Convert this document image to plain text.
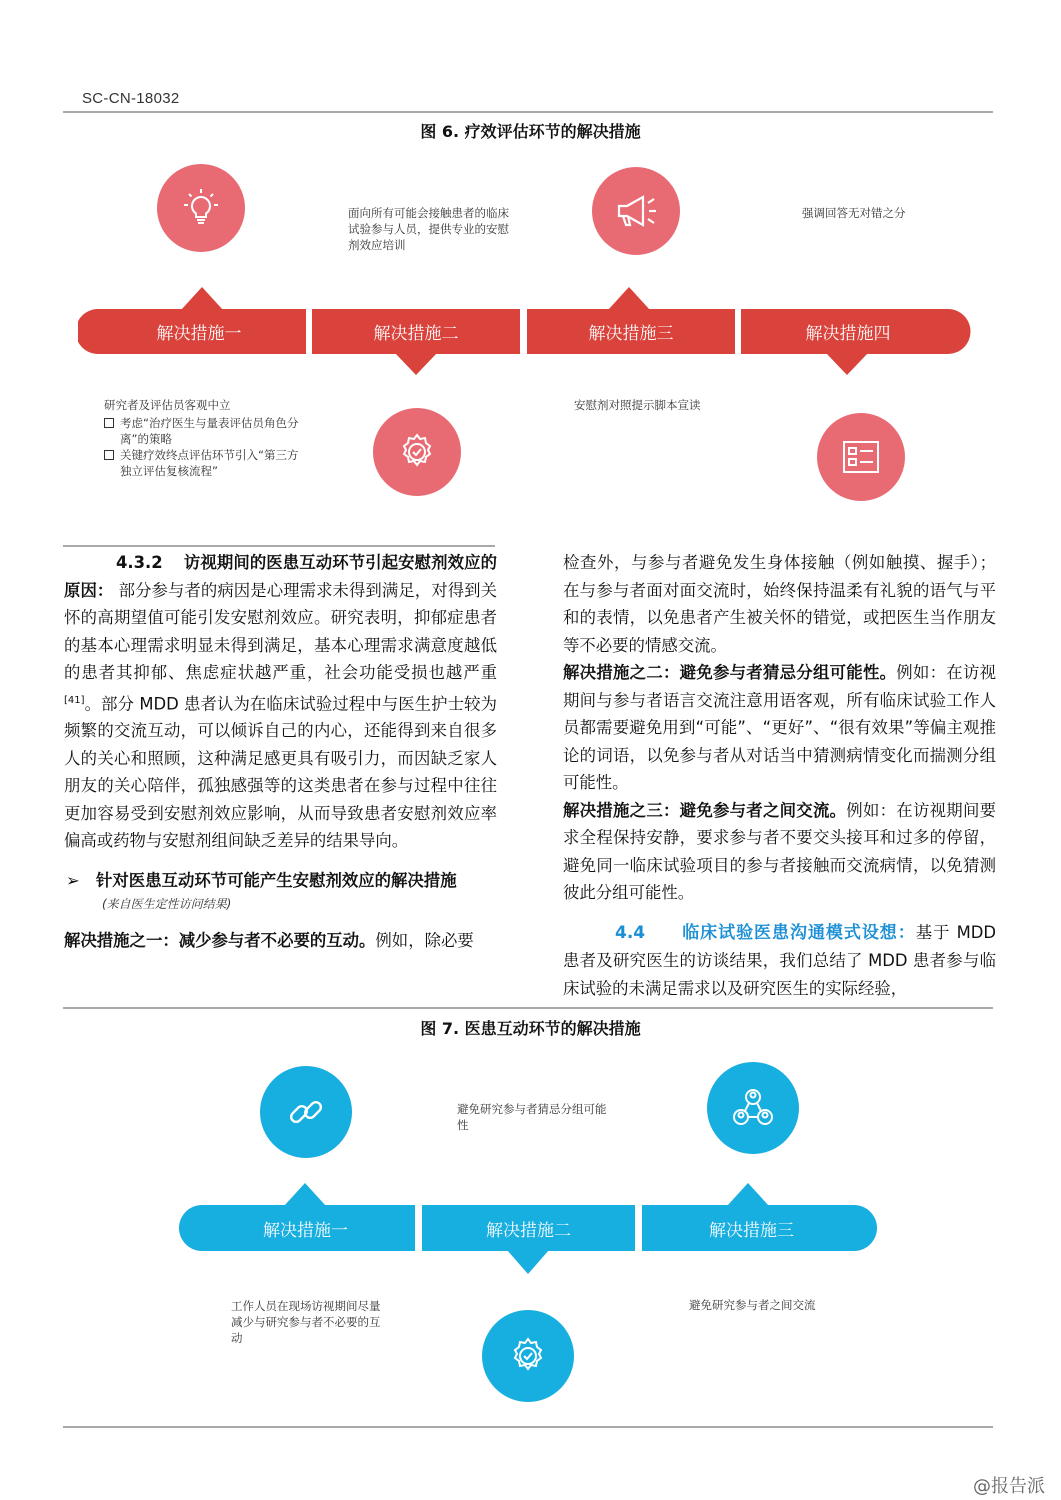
SC-CN-18032
图 6. 疗效评估环节的解决措施
面向所有可能会接触患者的临床试验参与人员，提供专业的安慰剂效应培训
强调回答无对错之分
解决措施一	解决措施二	解决措施三	解决措施四
研究者及评估员客观中立
考虑“治疗医生与量表评估员角色分离”的策略
关键疗效终点评估环节引入“第三方独立评估复核流程”
安慰剂对照提示脚本宣读

4.3.2 访视期间的医患互动环节引起安慰剂效应的原因： 部分参与者的病因是心理需求未得到满足，对得到关怀的高期望值可能引发安慰剂效应。研究表明，抑郁症患者的基本心理需求明显未得到满足，基本心理需求满意度越低的患者其抑郁、焦虑症状越严重，社会功能受损也越严重[41]。部分 MDD 患者认为在临床试验过程中与医生护士较为频繁的交流互动，可以倾诉自己的内心，还能得到来自很多人的关心和照顾，这种满足感更具有吸引力，而因缺乏家人朋友的关心陪伴，孤独感强等的这类患者在参与过程中往往更加容易受到安慰剂效应影响，从而导致患者安慰剂效应率偏高或药物与安慰剂组间缺乏差异的结果导向。

➢ 针对医患互动环节可能产生安慰剂效应的解决措施

(来自医生定性访问结果)

解决措施之一：减少参与者不必要的互动。例如，除必要

检查外，与参与者避免发生身体接触（例如触摸、握手）；在与参与者面对面交流时，始终保持温柔有礼貌的语气与平和的表情，以免患者产生被关怀的错觉，或把医生当作朋友等不必要的情感交流。

解决措施之二：避免参与者猜忌分组可能性。例如：在访视期间与参与者语言交流注意用语客观，所有临床试验工作人员都需要避免用到“可能”、“更好”、“很有效果”等偏主观推论的词语，以免参与者从对话当中猜测病情变化而揣测分组可能性。

解决措施之三：避免参与者之间交流。例如：在访视期间要求全程保持安静，要求参与者不要交头接耳和过多的停留，避免同一临床试验项目的参与者接触而交流病情，以免猜测彼此分组可能性。

4.4 临床试验医患沟通模式设想：基于 MDD 患者及研究医生的访谈结果，我们总结了 MDD 患者参与临床试验的未满足需求以及研究医生的实际经验，

图 7. 医患互动环节的解决措施
避免研究参与者猜忌分组可能性
解决措施一	解决措施二	解决措施三
工作人员在现场访视期间尽量减少与研究参与者不必要的互动
避免研究参与者之间交流
@报告派
